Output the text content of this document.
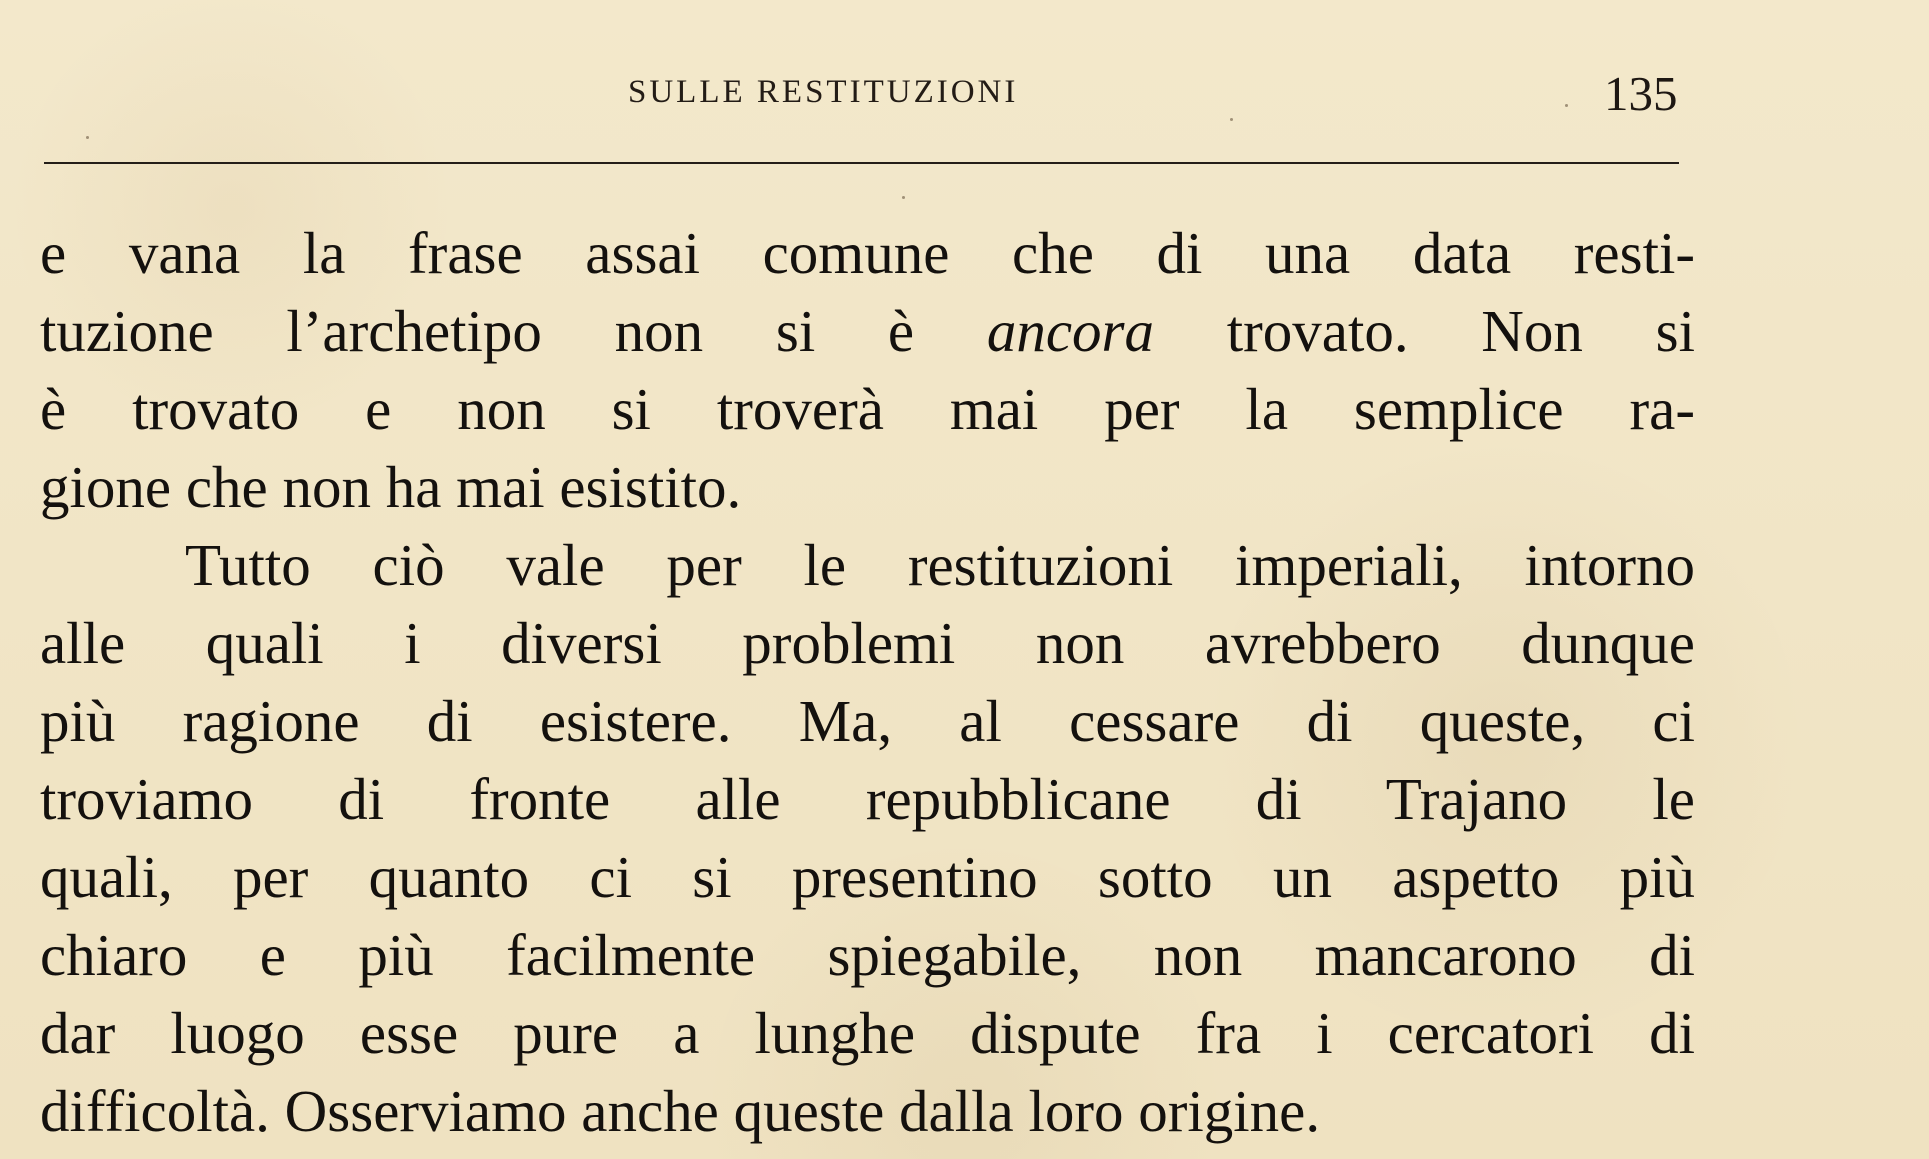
SULLE RESTITUZIONI	135
e vana la frase assai comune che di una data resti-
tuzione l’archetipo non si è ancora trovato. Non si
è trovato e non si troverà mai per la semplice ra-
gione che non ha mai esistito.
Tutto ciò vale per le restituzioni imperiali, intorno
alle quali i diversi problemi non avrebbero dunque
più ragione di esistere. Ma, al cessare di queste, ci
troviamo di fronte alle repubblicane di Trajano le
quali, per quanto ci si presentino sotto un aspetto più
chiaro e più facilmente spiegabile, non mancarono di
dar luogo esse pure a lunghe dispute fra i cercatori di
difficoltà. Osserviamo anche queste dalla loro origine.
